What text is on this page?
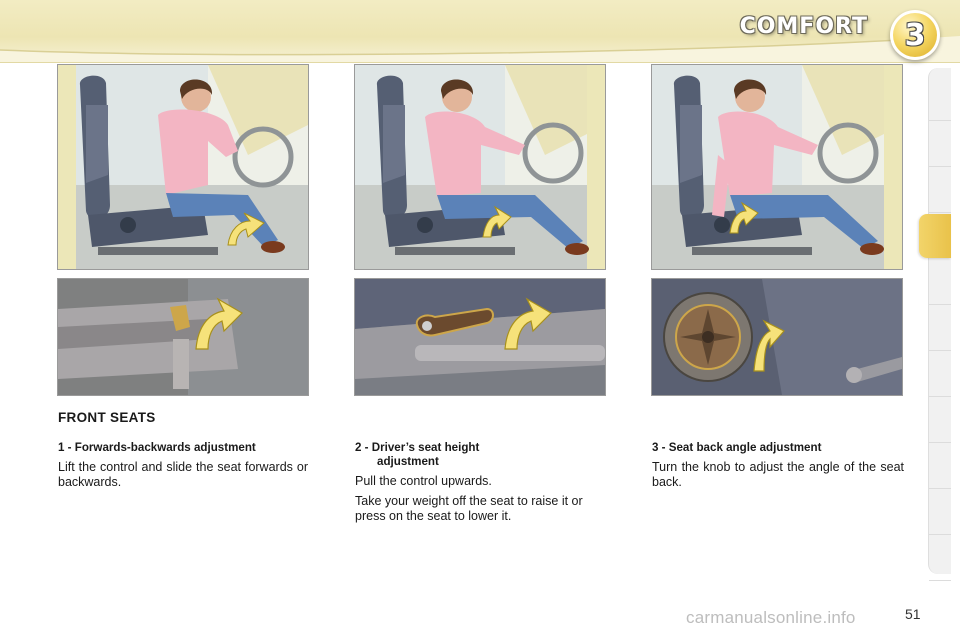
COMFORT 3
FRONT SEATS
1 - Forwards-backwards adjustment

Lift the control and slide the seat forwards or backwards.

2 - Driver’s seat height
adjustment

Pull the control upwards.

Take your weight off the seat to raise it or press on the seat to lower it.

3 - Seat back angle adjustment

Turn the knob to adjust the angle of the seat back.

carmanualsonline.info	51
